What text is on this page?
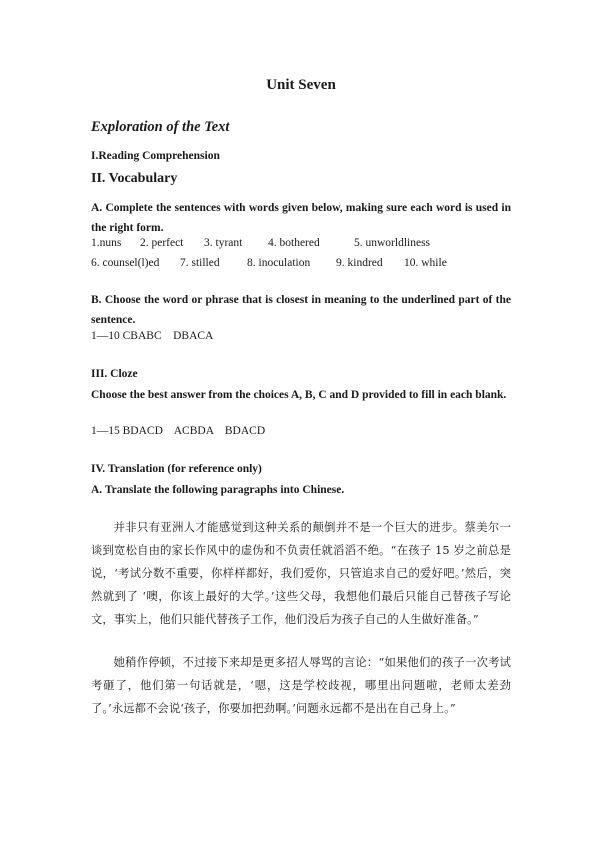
Unit Seven
Exploration of the Text
I.Reading Comprehension
II. Vocabulary
A. Complete the sentences with words given below, making sure each word is used in the right form.
1.nuns 2. perfect 3. tyrant 4. bothered	5. unworldliness
6. counsel(l)ed 7. stilled 8. inoculation 9. kindred 10. while
B. Choose the word or phrase that is closest in meaning to the underlined part of the sentence.
1—10 CBABC    DBACA
III. Cloze
Choose the best answer from the choices A, B, C and D provided to fill in each blank.
1—15 BDACD    ACBDA    BDACD
IV. Translation (for reference only)
A. Translate the following paragraphs into Chinese.
并非只有亚洲人才能感觉到这种关系的颠倒并不是一个巨大的进步。蔡美尔一谈到宽松自由的家长作风中的虚伪和不负责任就滔滔不绝。“在孩子 15 岁之前总是说，‘考试分数不重要，你样样都好，我们爱你，只管追求自己的爱好吧。’然后，突然就到了 ‘噢，你该上最好的大学。’这些父母，我想他们最后只能自己替孩子写论文，事实上，他们只能代替孩子工作，他们没后为孩子自己的人生做好准备。”
她稍作停顿，不过接下来却是更多招人辱骂的言论：“如果他们的孩子一次考试考砸了，他们第一句话就是，‘嗯，这是学校歧视，哪里出问题啦，老师太差劲了。’永远都不会说‘孩子，你要加把劲啊。’问题永远都不是出在自己身上。”
